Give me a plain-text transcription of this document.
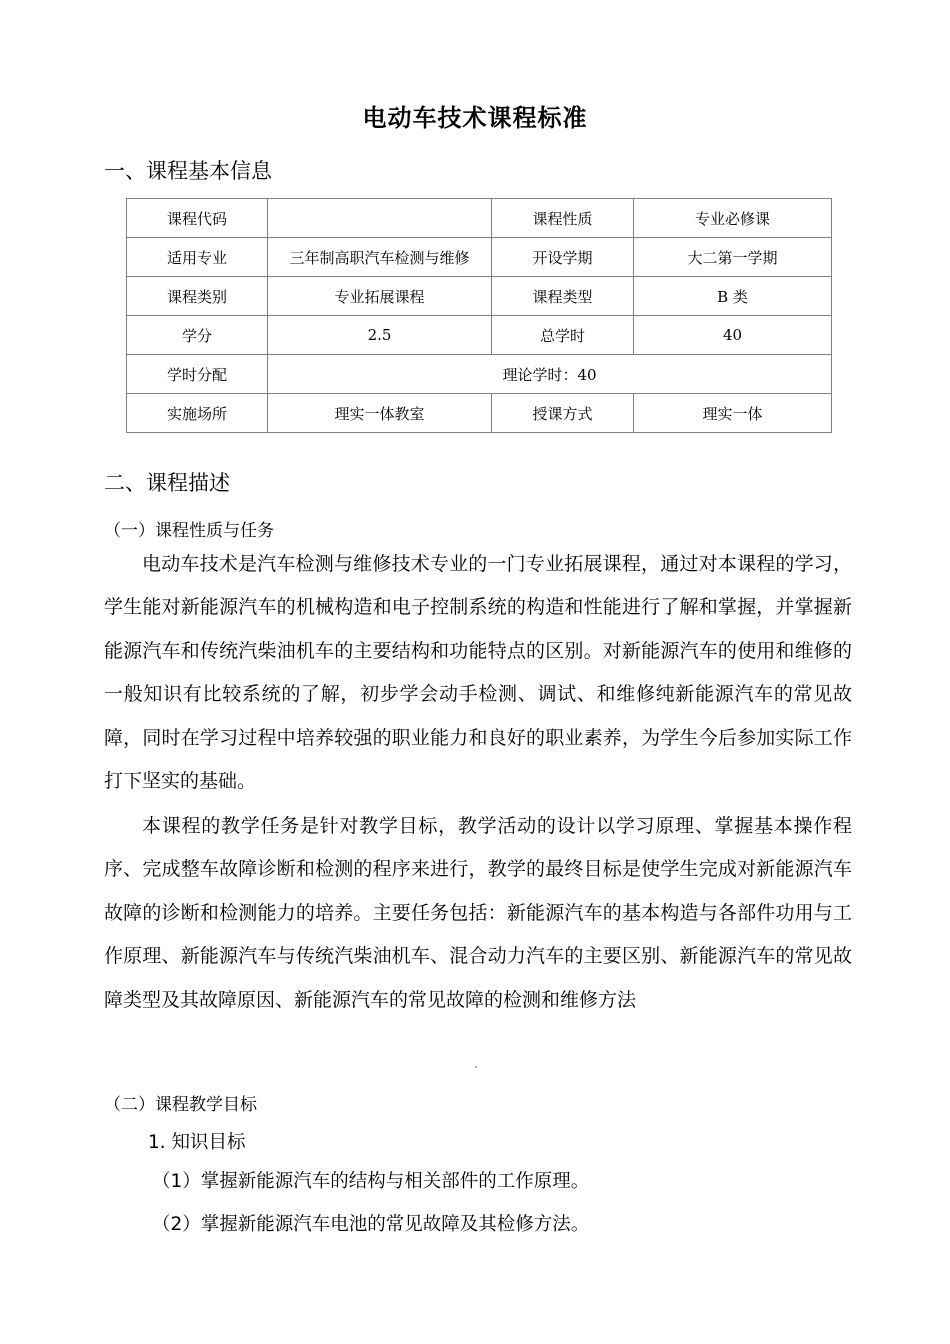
电动车技术课程标准
一、课程基本信息
课程代码		课程性质	专业必修课
适用专业	三年制高职汽车检测与维修	开设学期	大二第一学期
课程类别	专业拓展课程	课程类型	B 类
学分	2.5	总学时	40
学时分配	理论学时：40		
实施场所	理实一体教室	授课方式	理实一体
二、课程描述
（一）课程性质与任务
电动车技术是汽车检测与维修技术专业的一门专业拓展课程，通过对本课程的学习，学生能对新能源汽车的机械构造和电子控制系统的构造和性能进行了解和掌握，并掌握新能源汽车和传统汽柴油机车的主要结构和功能特点的区别。对新能源汽车的使用和维修的一般知识有比较系统的了解，初步学会动手检测、调试、和维修纯新能源汽车的常见故障，同时在学习过程中培养较强的职业能力和良好的职业素养，为学生今后参加实际工作打下坚实的基础。
本课程的教学任务是针对教学目标，教学活动的设计以学习原理、掌握基本操作程序、完成整车故障诊断和检测的程序来进行，教学的最终目标是使学生完成对新能源汽车故障的诊断和检测能力的培养。主要任务包括：新能源汽车的基本构造与各部件功用与工作原理、新能源汽车与传统汽柴油机车、混合动力汽车的主要区别、新能源汽车的常见故障类型及其故障原因、新能源汽车的常见故障的检测和维修方法
（二）课程教学目标
1. 知识目标
（1）掌握新能源汽车的结构与相关部件的工作原理。
（2）掌握新能源汽车电池的常见故障及其检修方法。
